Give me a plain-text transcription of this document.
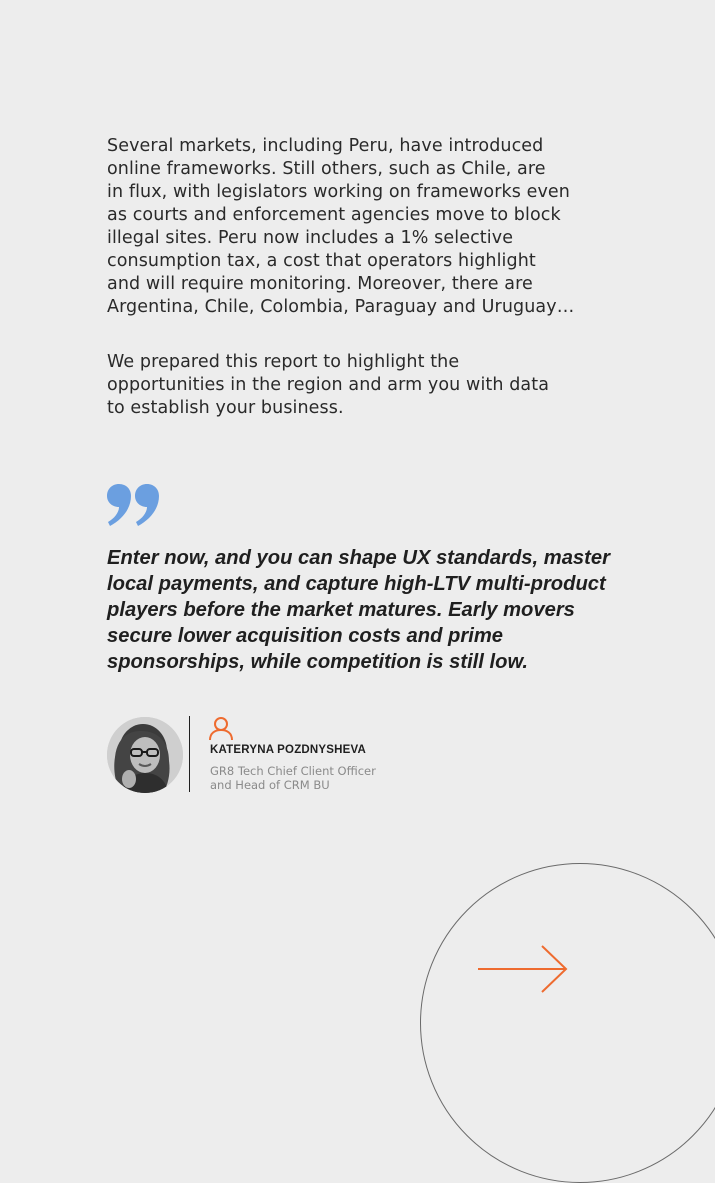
Several markets, including Peru, have introduced
online frameworks. Still others, such as Chile, are
in flux, with legislators working on frameworks even
as courts and enforcement agencies move to block
illegal sites. Peru now includes a 1% selective
consumption tax, a cost that operators highlight
and will require monitoring. Moreover, there are
Argentina, Chile, Colombia, Paraguay and Uruguay…

We prepared this report to highlight the
opportunities in the region and arm you with data
to establish your business.

Enter now, and you can shape UX standards, master
local payments, and capture high-LTV multi-product
players before the market matures. Early movers
secure lower acquisition costs and prime
sponsorships, while competition is still low.

KATERYNA POZDNYSHEVA
GR8 Tech Chief Client Officer
and Head of CRM BU
